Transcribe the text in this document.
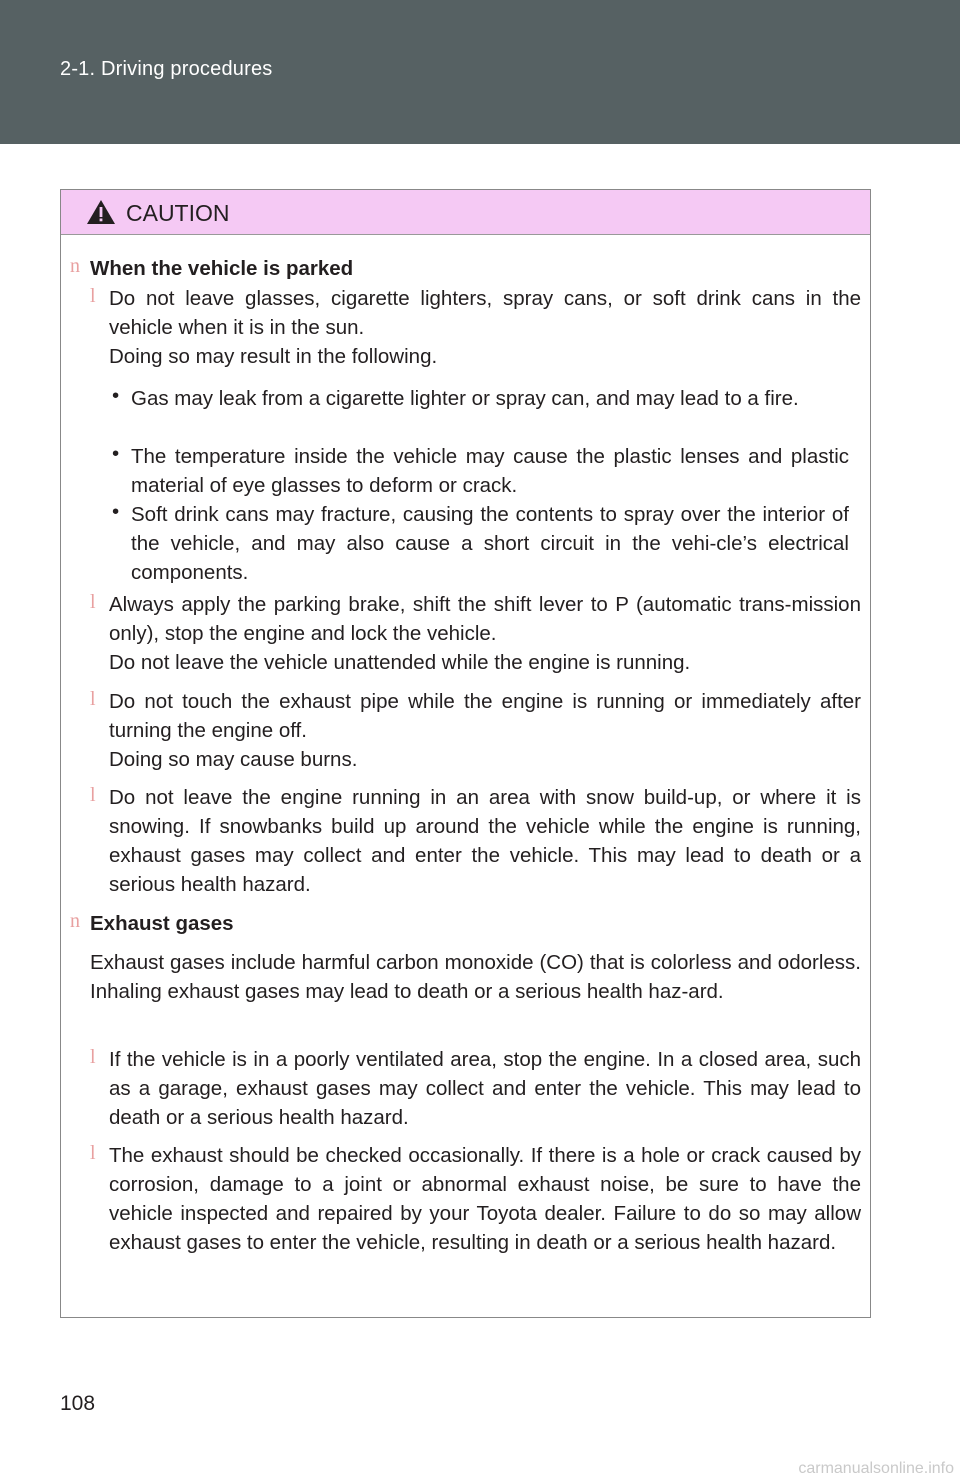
2-1. Driving procedures
CAUTION
n When the vehicle is parked
l Do not leave glasses, cigarette lighters, spray cans, or soft drink cans in the vehicle when it is in the sun.
Doing so may result in the following.
• Gas may leak from a cigarette lighter or spray can, and may lead to a fire.
• The temperature inside the vehicle may cause the plastic lenses and plastic material of eye glasses to deform or crack.
• Soft drink cans may fracture, causing the contents to spray over the interior of the vehicle, and may also cause a short circuit in the vehi-cle’s electrical components.
l Always apply the parking brake, shift the shift lever to P (automatic trans-mission only), stop the engine and lock the vehicle.
Do not leave the vehicle unattended while the engine is running.
l Do not touch the exhaust pipe while the engine is running or immediately after turning the engine off.
Doing so may cause burns.
l Do not leave the engine running in an area with snow build-up, or where it is snowing. If snowbanks build up around the vehicle while the engine is running, exhaust gases may collect and enter the vehicle. This may lead to death or a serious health hazard.
n Exhaust gases
Exhaust gases include harmful carbon monoxide (CO) that is colorless and odorless. Inhaling exhaust gases may lead to death or a serious health haz-ard.
l If the vehicle is in a poorly ventilated area, stop the engine. In a closed area, such as a garage, exhaust gases may collect and enter the vehicle. This may lead to death or a serious health hazard.
l The exhaust should be checked occasionally. If there is a hole or crack caused by corrosion, damage to a joint or abnormal exhaust noise, be sure to have the vehicle inspected and repaired by your Toyota dealer. Failure to do so may allow exhaust gases to enter the vehicle, resulting in death or a serious health hazard.
108
carmanualsonline.info
